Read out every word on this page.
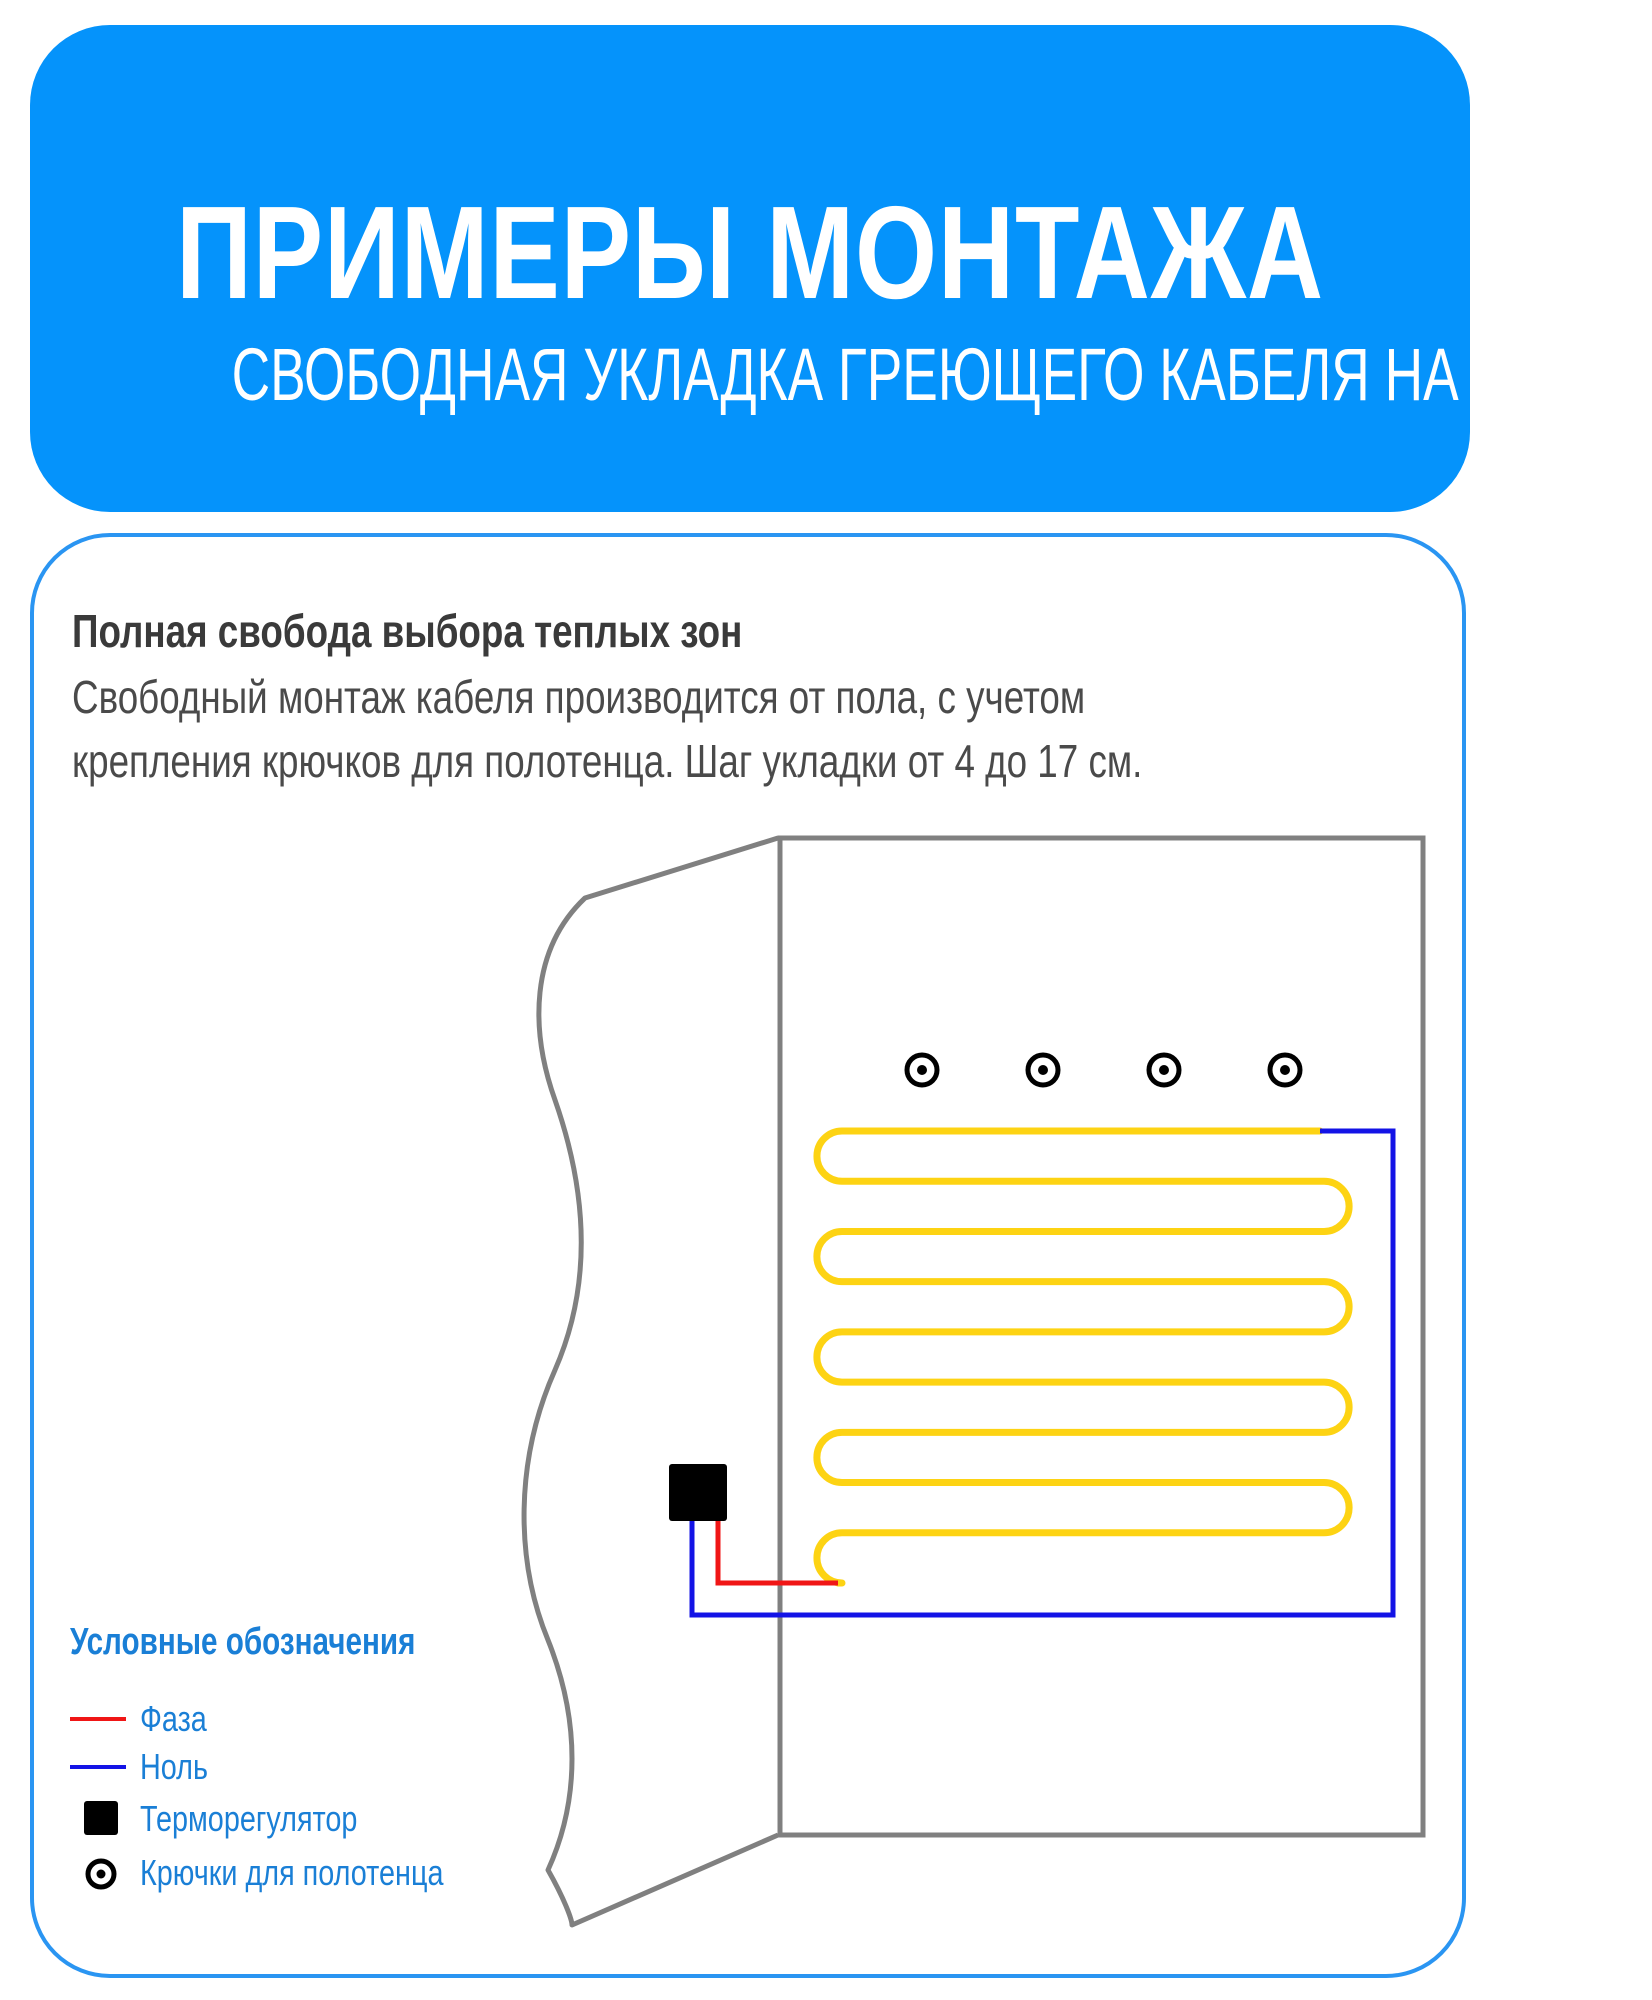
ПРИМЕРЫ МОНТАЖА
СВОБОДНАЯ УКЛАДКА ГРЕЮЩЕГО КАБЕЛЯ НА СТЕНЕ
Полная свобода выбора теплых зон
Свободный монтаж кабеля производится от пола, с учетом
крепления крючков для полотенца. Шаг укладки от 4 до 17 см.
Условные обозначения
Фаза
Ноль
Терморегулятор
Крючки для полотенца
